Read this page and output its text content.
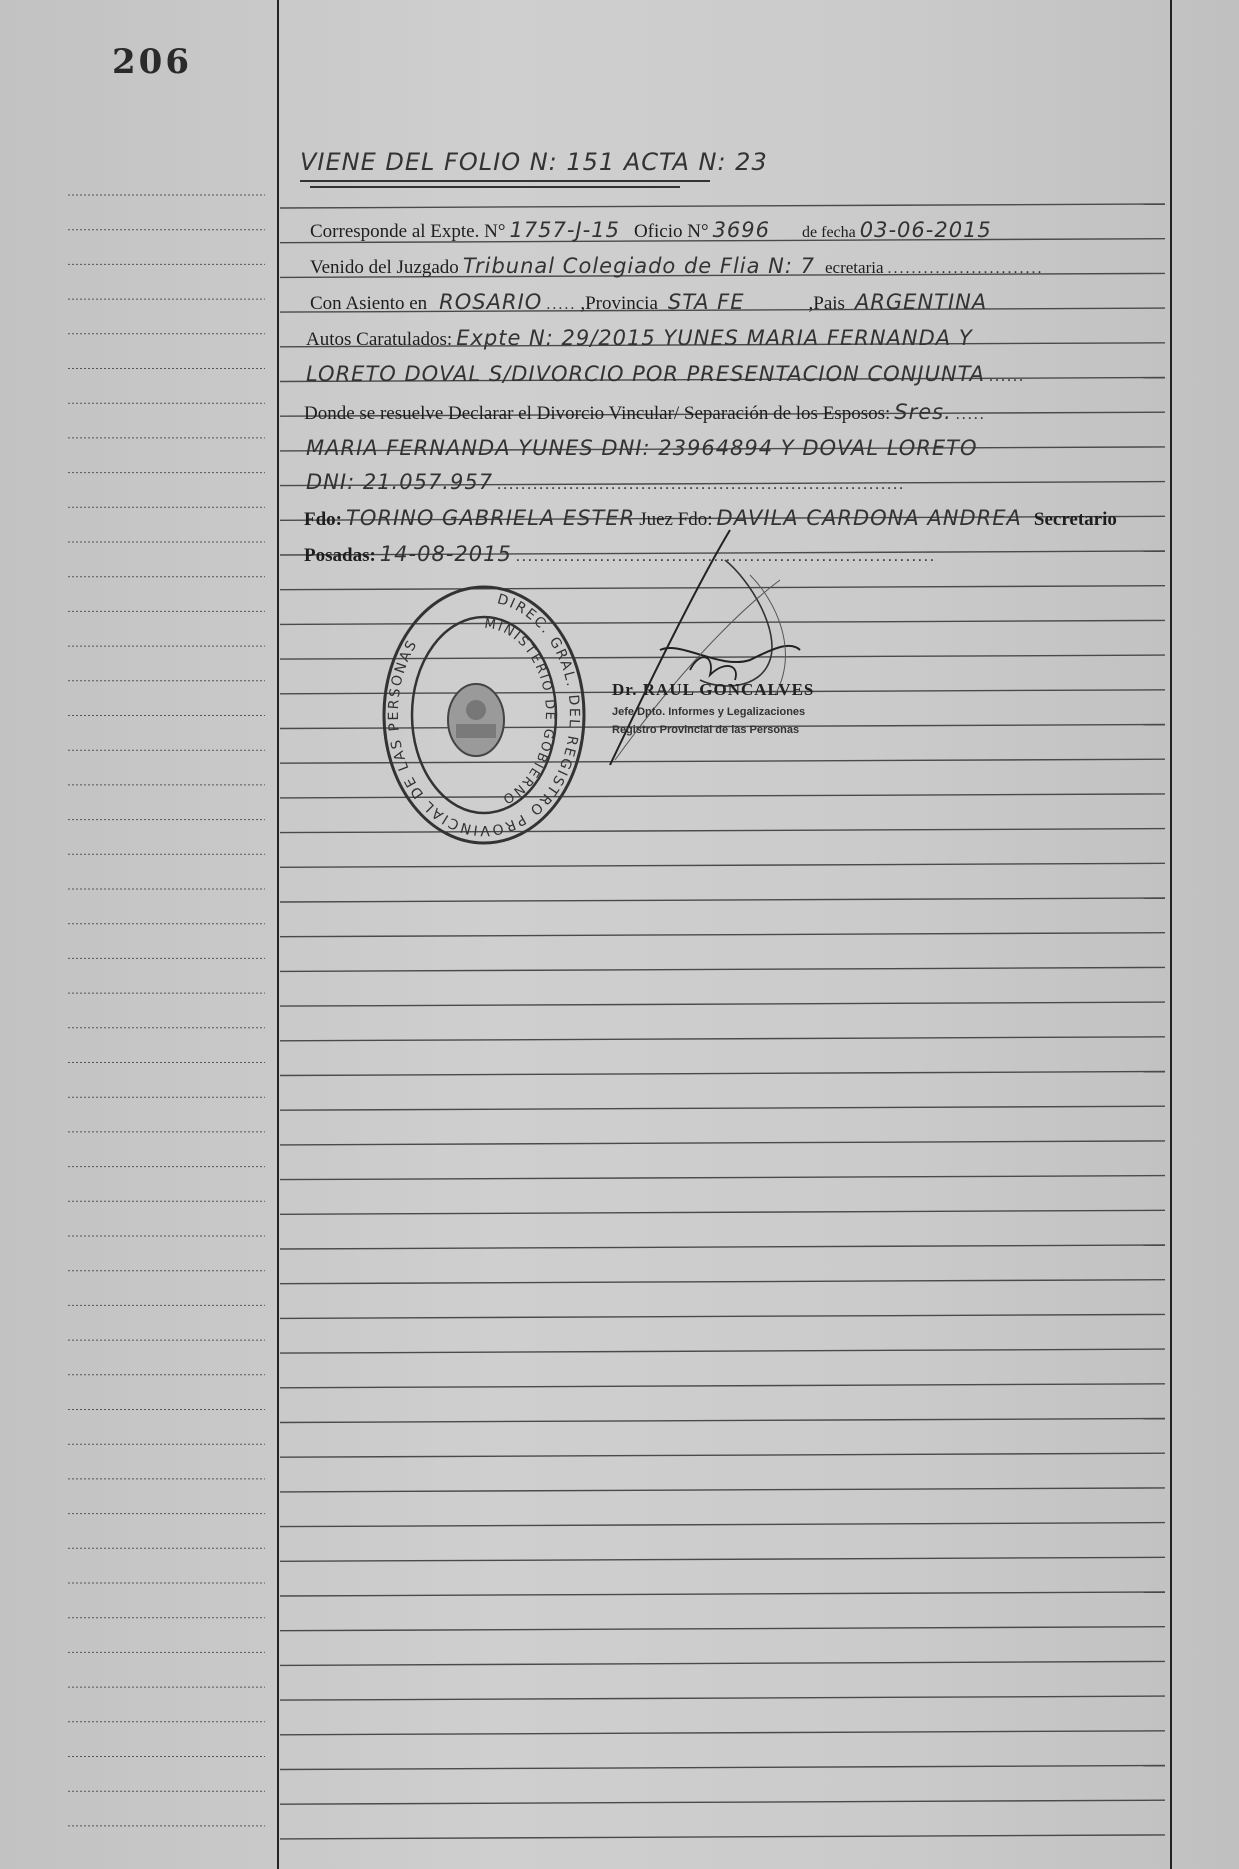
206
VIENE DEL FOLIO N: 151 ACTA N: 23
Corresponde al Expte. N° 1757-J-15 Oficio N° 3696 de fecha 03-06-2015
Venido del Juzgado Tribunal Colegiado de Flia N: 7 ecretaria ..........................
Con Asiento en ROSARIO ..... ,Provincia STA FE	,Pais ARGENTINA
Autos Caratulados: Expte N: 29/2015 YUNES MARIA FERNANDA Y
LORETO DOVAL S/DIVORCIO POR PRESENTACION CONJUNTA ......
Donde se resuelve Declarar el Divorcio Vincular/ Separación de los Esposos: Sres. .....
MARIA FERNANDA YUNES DNI: 23964894 Y DOVAL LORETO
DNI: 21.057.957 ....................................................................
Fdo: TORINO GABRIELA ESTER Juez Fdo: DAVILA CARDONA ANDREA Secretario
Posadas: 14-08-2015 ......................................................................
DIREC. GRAL. DEL REGISTRO PROVINCIAL DE LAS PERSONAS
MINISTERIO DE GOBIERNO
Dr. RAUL GONCALVES
Jefe Dpto. Informes y Legalizaciones
Registro Provincial de las Personas
